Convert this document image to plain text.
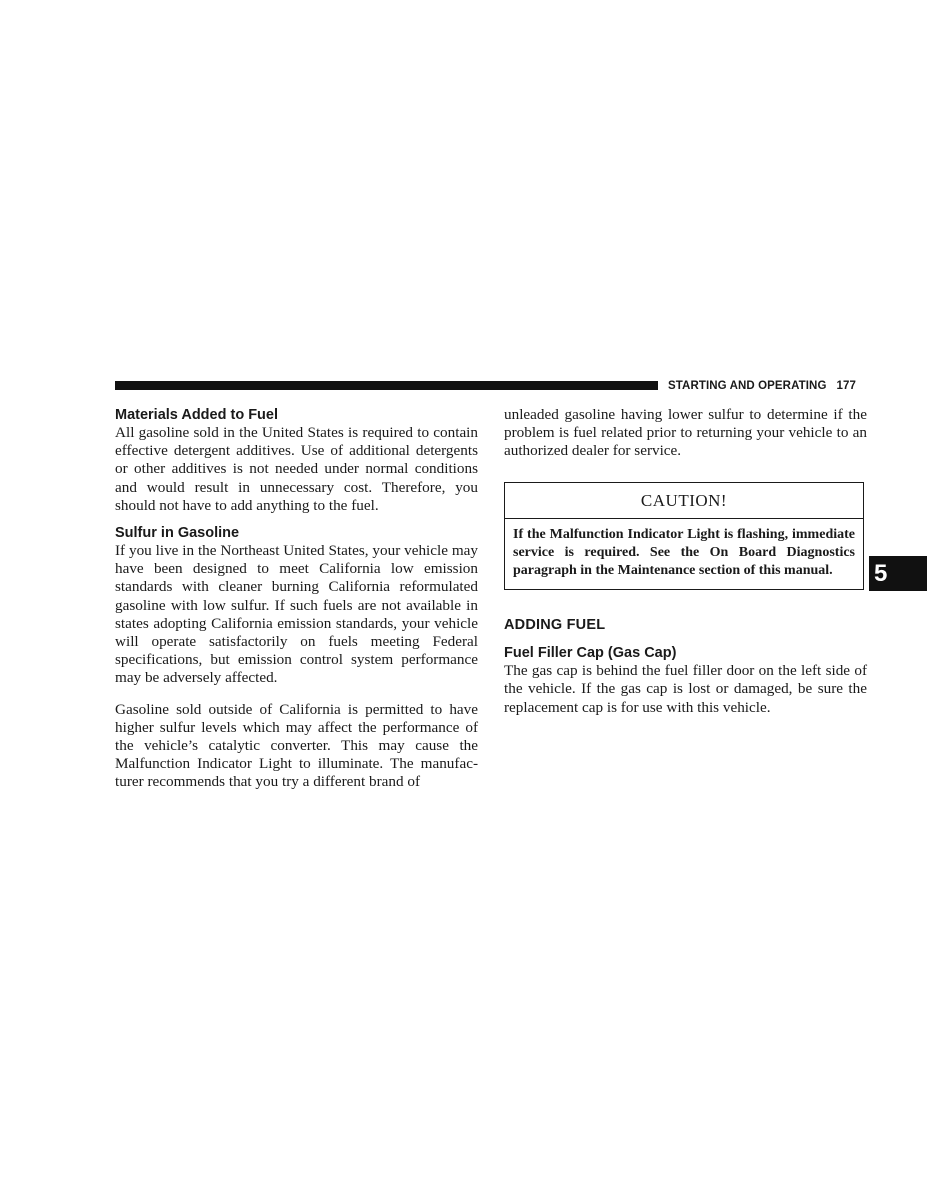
STARTING AND OPERATING 177
Materials Added to Fuel

All gasoline sold in the United States is required to contain effective detergent additives. Use of additional detergents or other additives is not needed under normal conditions and would result in unnecessary cost. Therefore, you should not have to add anything to the fuel.

Sulfur in Gasoline

If you live in the Northeast United States, your vehicle may have been designed to meet California low emission standards with cleaner burning California reformulated gasoline with low sulfur. If such fuels are not available in states adopting California emission standards, your vehicle will operate satisfactorily on fuels meeting Federal specifications, but emission control system performance may be adversely affected.

Gasoline sold outside of California is permitted to have higher sulfur levels which may affect the performance of the vehicle’s catalytic converter. This may cause the Malfunction Indicator Light to illuminate. The manufacturer recommends that you try a different brand of

unleaded gasoline having lower sulfur to determine if the problem is fuel related prior to returning your vehicle to an authorized dealer for service.

CAUTION!
If the Malfunction Indicator Light is flashing, immediate service is required. See the On Board Diagnostics paragraph in the Maintenance section of this manual.
ADDING FUEL
Fuel Filler Cap (Gas Cap)

The gas cap is behind the fuel filler door on the left side of the vehicle. If the gas cap is lost or damaged, be sure the replacement cap is for use with this vehicle.

5
